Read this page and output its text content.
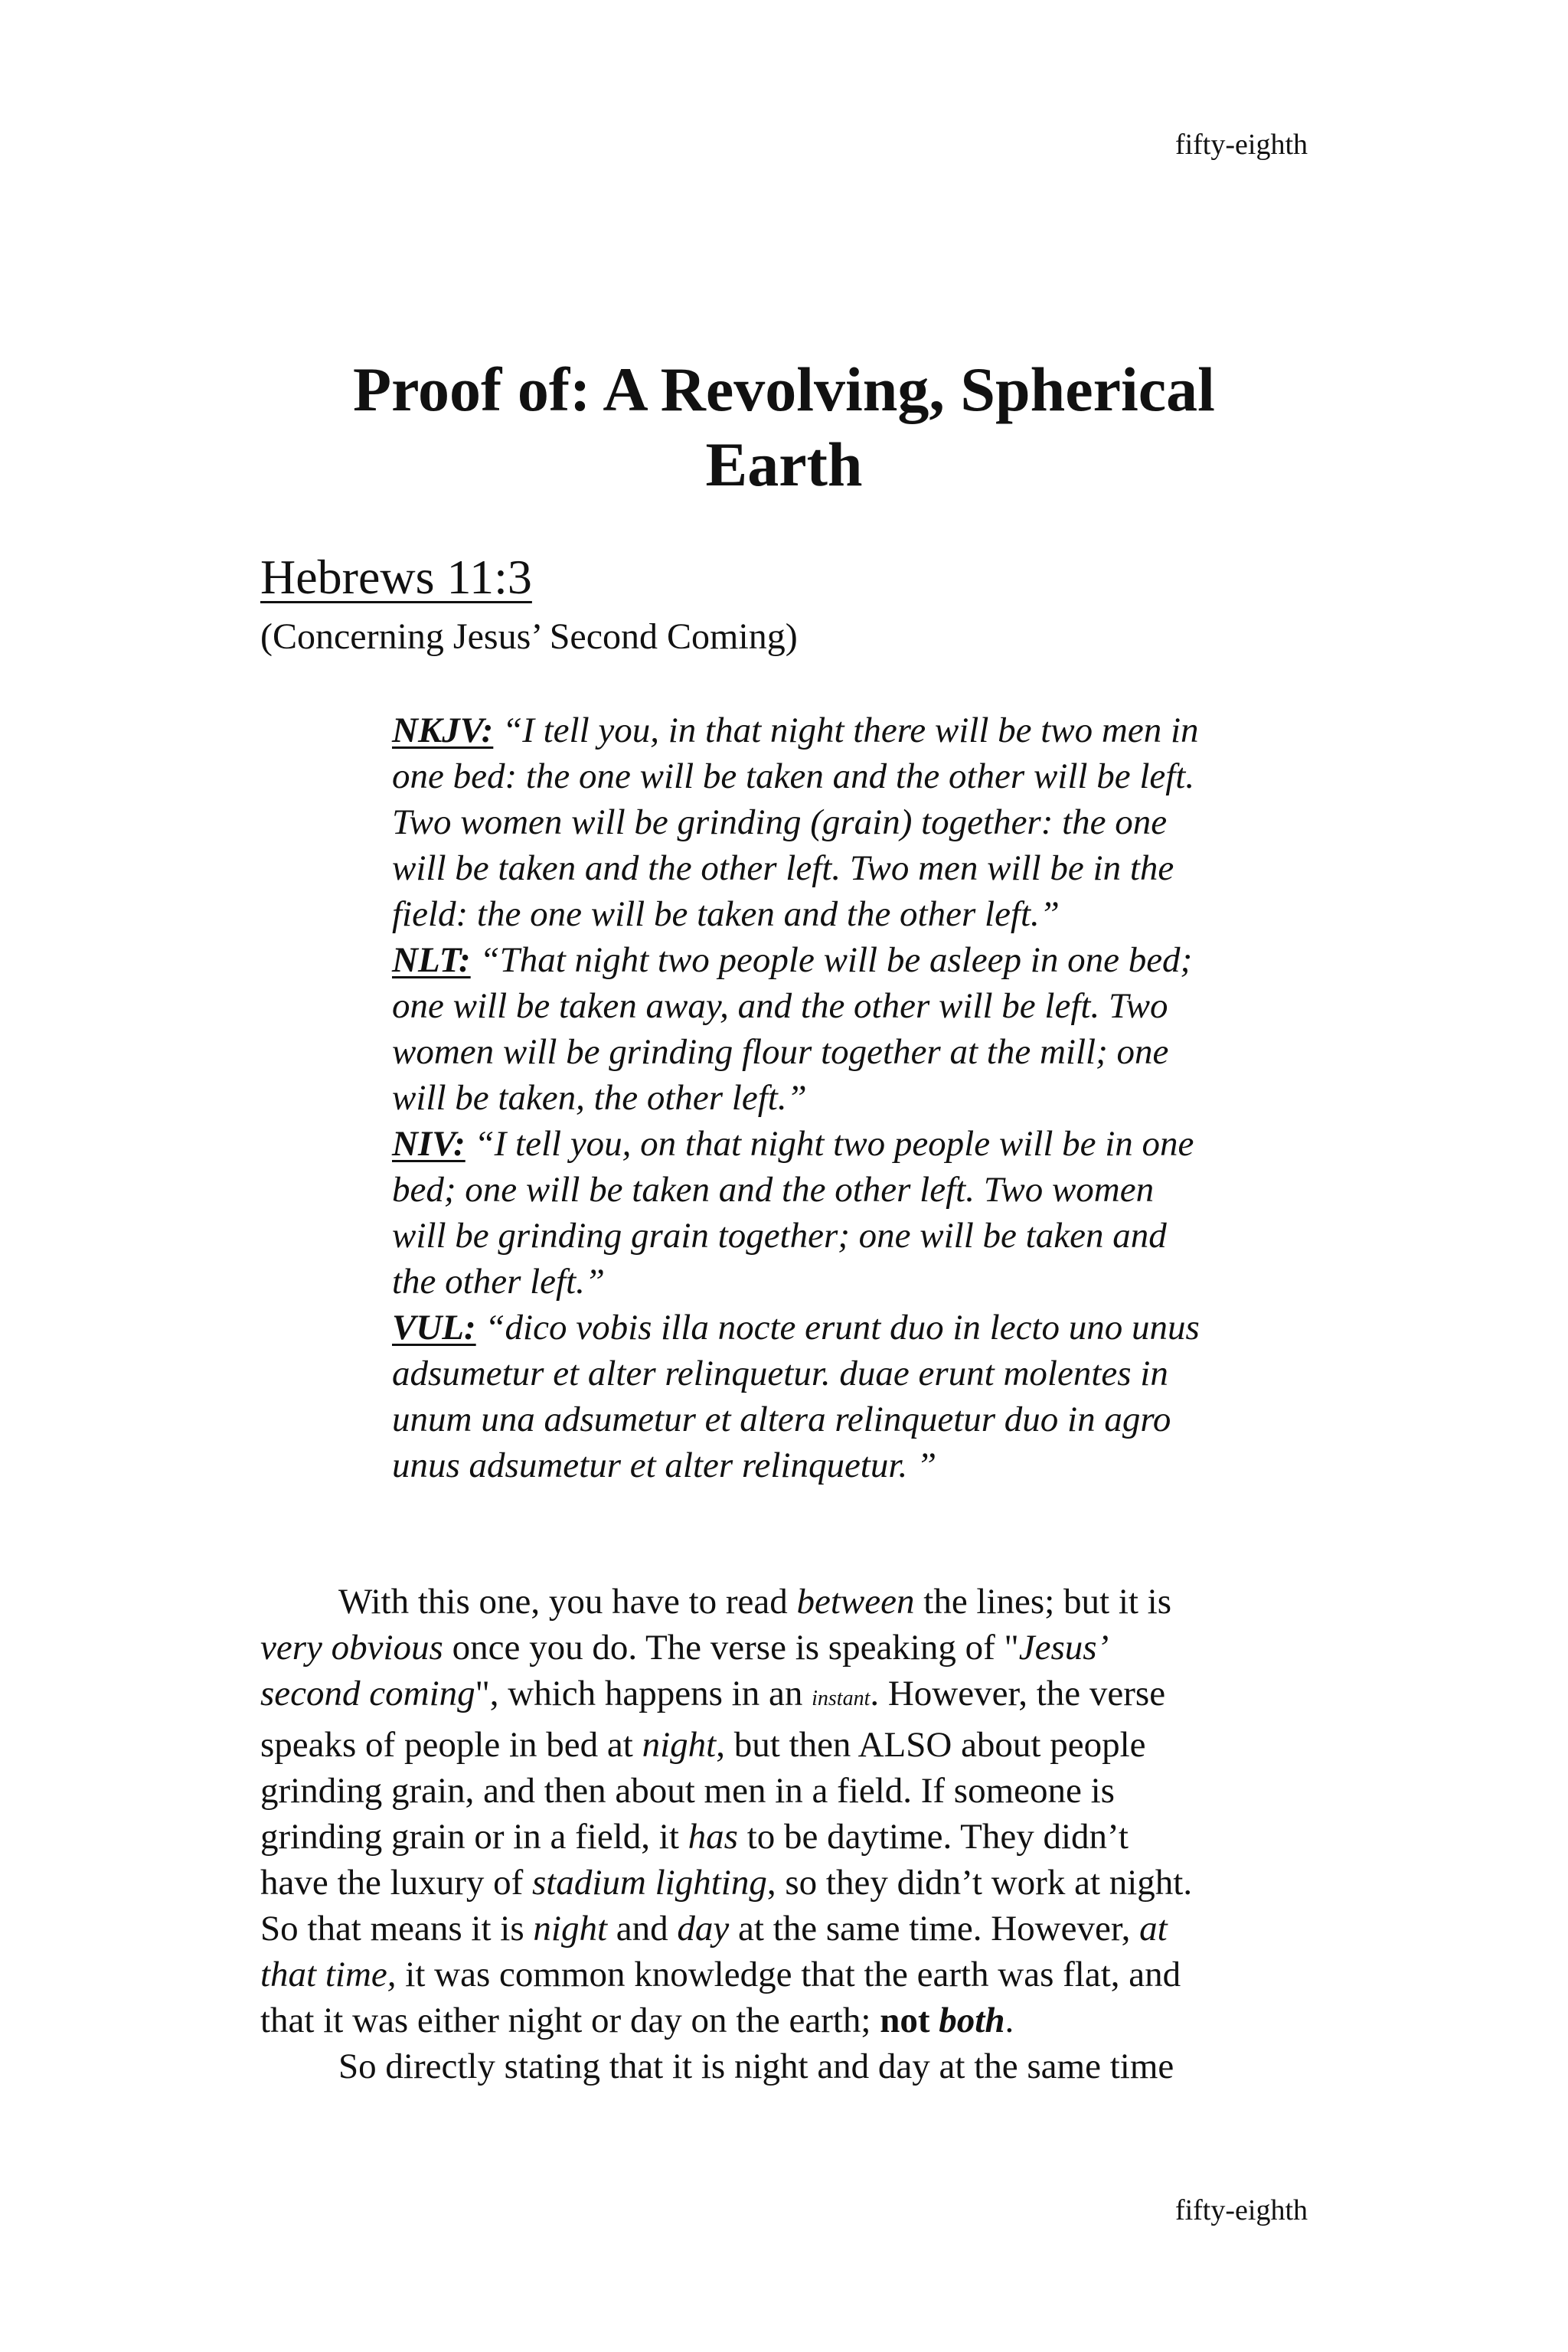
fifty-eighth
Proof of: A Revolving, Spherical
Earth
Hebrews 11:3
(Concerning Jesus’ Second Coming)
NKJV: “I tell you, in that night there will be two men in
one bed: the one will be taken and the other will be left.
Two women will be grinding (grain) together: the one
will be taken and the other left. Two men will be in the
field: the one will be taken and the other left.”
NLT: “That night two people will be asleep in one bed;
one will be taken away, and the other will be left. Two
women will be grinding flour together at the mill; one
will be taken, the other left.”
NIV: “I tell you, on that night two people will be in one
bed; one will be taken and the other left. Two women
will be grinding grain together; one will be taken and
the other left.”
VUL: “dico vobis illa nocte erunt duo in lecto uno unus
adsumetur et alter relinquetur. duae erunt molentes in
unum una adsumetur et altera relinquetur duo in agro
unus adsumetur et alter relinquetur. ”
With this one, you have to read between the lines; but it is
very obvious once you do. The verse is speaking of "Jesus’
second coming", which happens in an instant. However, the verse
speaks of people in bed at night, but then ALSO about people
grinding grain, and then about men in a field. If someone is
grinding grain or in a field, it has to be daytime. They didn’t
have the luxury of stadium lighting, so they didn’t work at night.
So that means it is night and day at the same time. However, at
that time, it was common knowledge that the earth was flat, and
that it was either night or day on the earth; not both.
So directly stating that it is night and day at the same time
fifty-eighth
